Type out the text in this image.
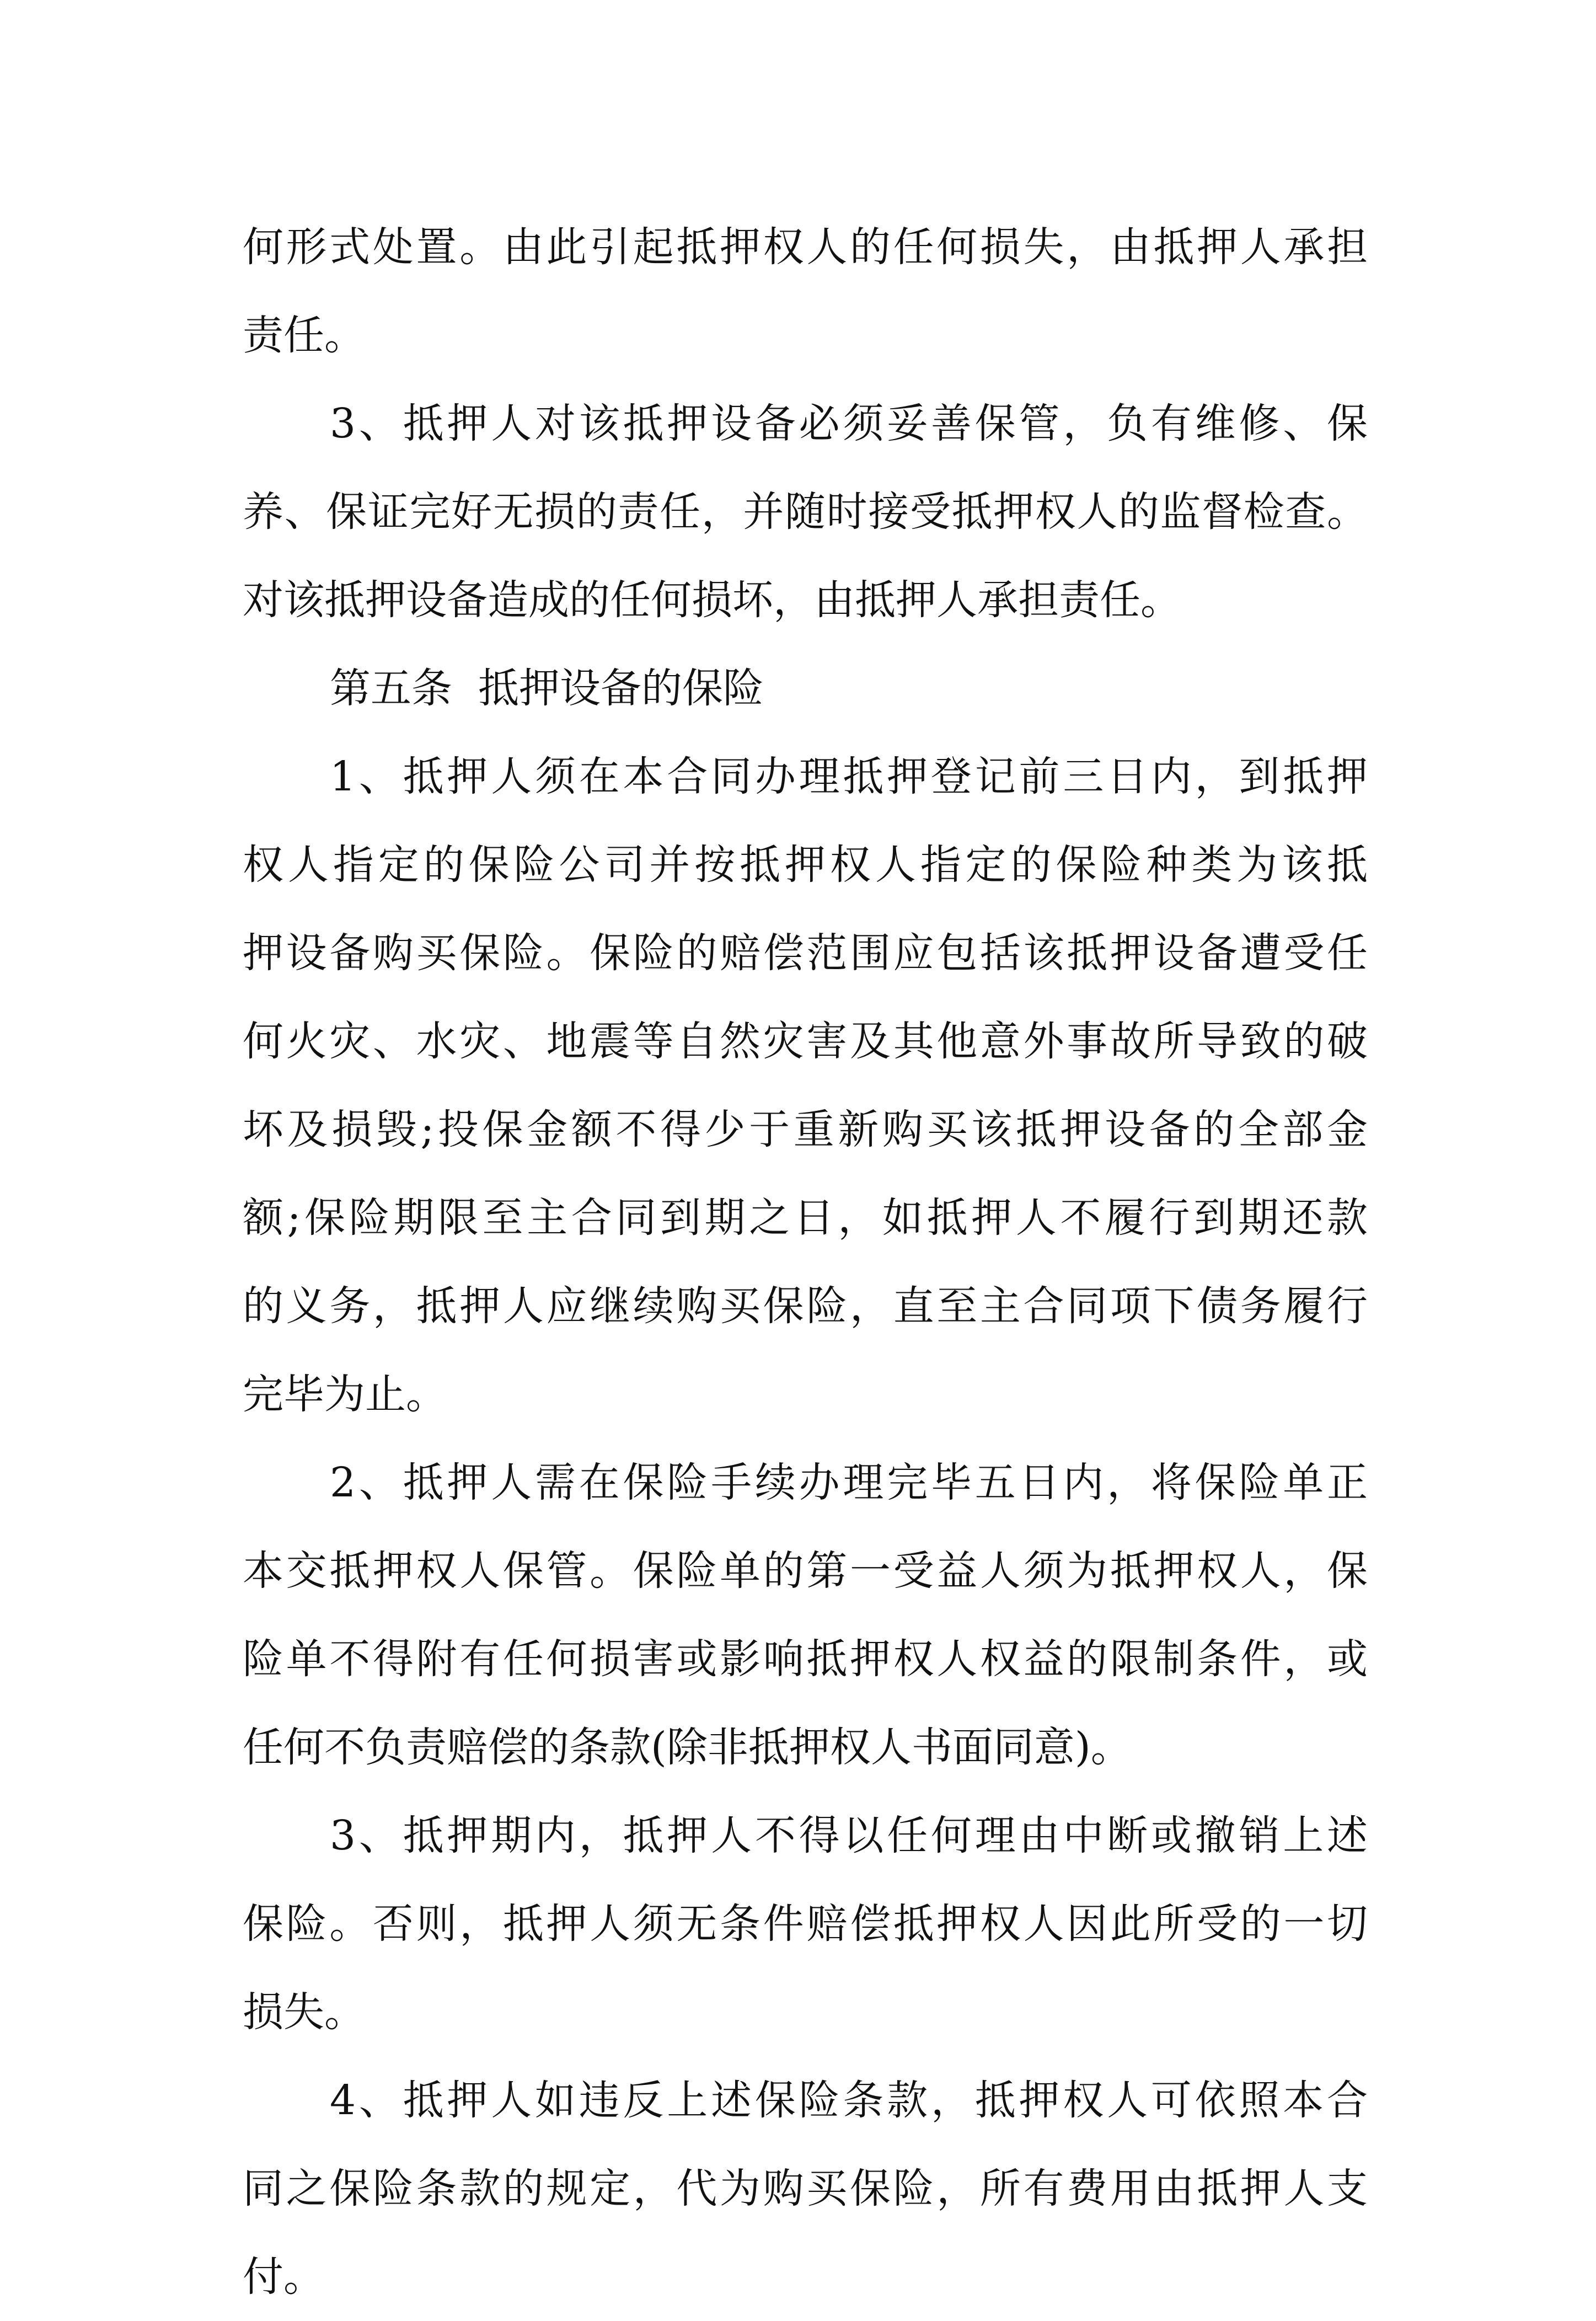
何形式处置。由此引起抵押权人的任何损失，由抵押人承担
责任。
3、抵押人对该抵押设备必须妥善保管，负有维修、保
养、保证完好无损的责任，并随时接受抵押权人的监督检查。
对该抵押设备造成的任何损坏，由抵押人承担责任。
第五条  抵押设备的保险
1、抵押人须在本合同办理抵押登记前三日内，到抵押
权人指定的保险公司并按抵押权人指定的保险种类为该抵
押设备购买保险。保险的赔偿范围应包括该抵押设备遭受任
何火灾、水灾、地震等自然灾害及其他意外事故所导致的破
坏及损毁;投保金额不得少于重新购买该抵押设备的全部金
额;保险期限至主合同到期之日，如抵押人不履行到期还款
的义务，抵押人应继续购买保险，直至主合同项下债务履行
完毕为止。
2、抵押人需在保险手续办理完毕五日内，将保险单正
本交抵押权人保管。保险单的第一受益人须为抵押权人，保
险单不得附有任何损害或影响抵押权人权益的限制条件，或
任何不负责赔偿的条款(除非抵押权人书面同意)。
3、抵押期内，抵押人不得以任何理由中断或撤销上述
保险。否则，抵押人须无条件赔偿抵押权人因此所受的一切
损失。
4、抵押人如违反上述保险条款，抵押权人可依照本合
同之保险条款的规定，代为购买保险，所有费用由抵押人支
付。
